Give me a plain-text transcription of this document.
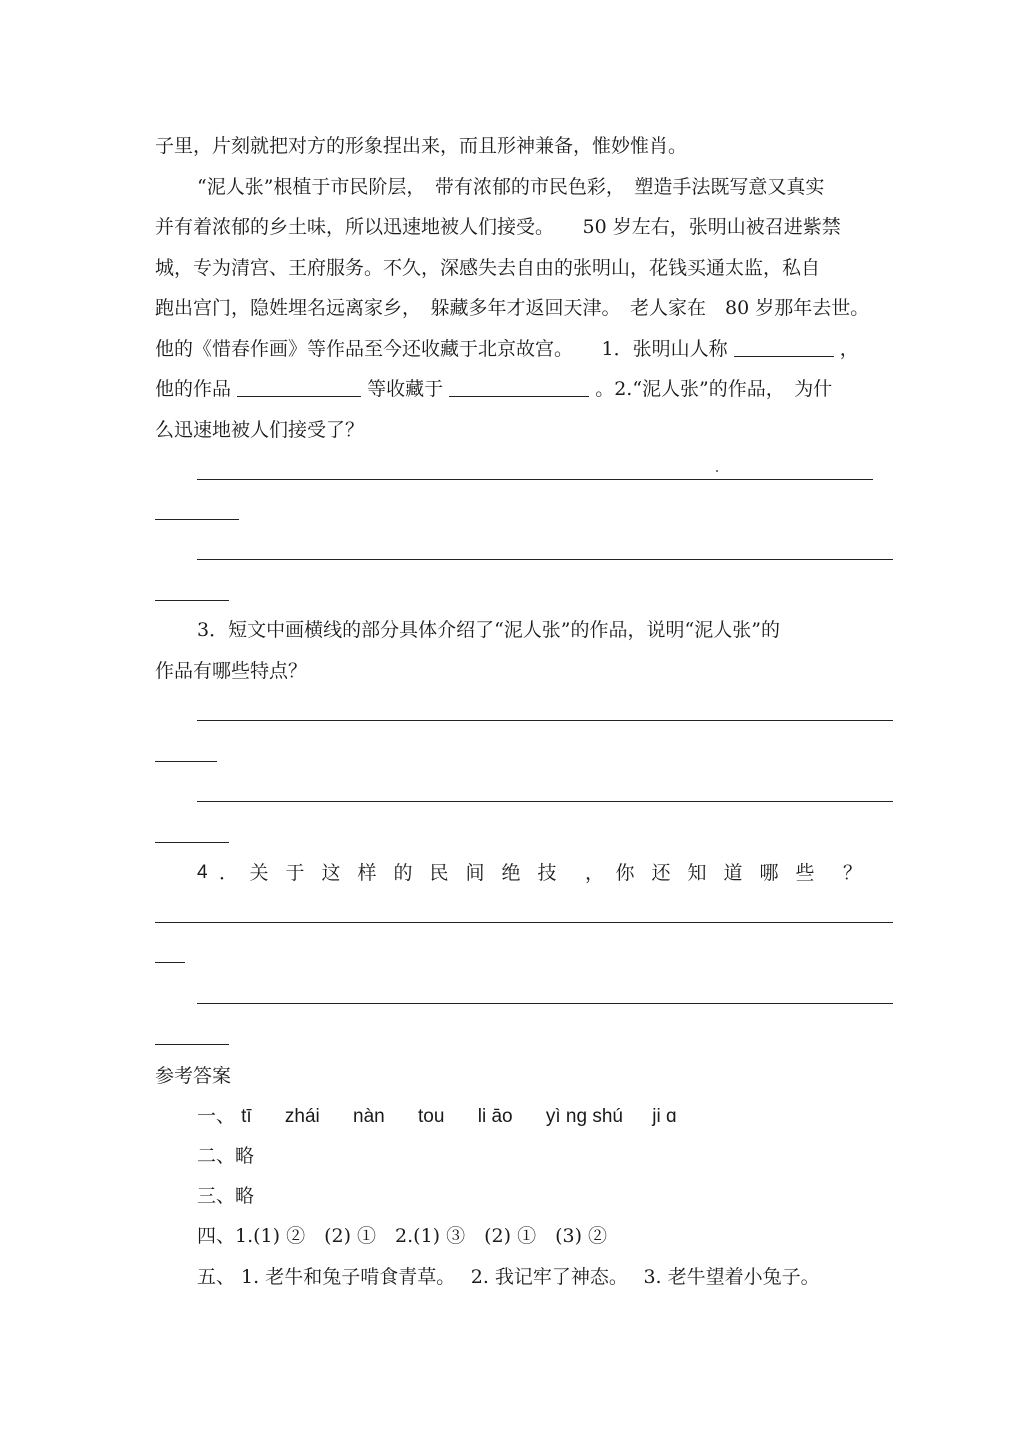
子里，片刻就把对方的形象捏出来，而且形神兼备，惟妙惟肖。
“泥人张”根植于市民阶层，　带有浓郁的市民色彩，　塑造手法既写意又真实
并有着浓郁的乡土味，所以迅速地被人们接受。　　50 岁左右，张明山被召进紫禁
城，专为清宫、王府服务。不久，深感失去自由的张明山，花钱买通太监，私自
跑出宫门，隐姓埋名远离家乡，　躲藏多年才返回天津。　老人家在　80 岁那年去世。
他的《惜春作画》等作品至今还收藏于北京故宫。　　1．张明山人称	，
他的作品	等收藏于	。2.“泥人张”的作品，　为什
么迅速地被人们接受了？
3．短文中画横线的部分具体介绍了“泥人张”的作品，说明“泥人张”的
作品有哪些特点？
4 ． 关于这样的民间绝技 ， 你还知道哪些 ？
参考答案
一、 tī zhái nàn tou li āo yì nɡ shú ji ɑ
二、略
三、略
四、1.(1) ②　(2) ①　2.(1) ③　(2) ①　(3) ②
五、 1. 老牛和兔子啃食青草。　 2. 我记牢了神态。　 3. 老牛望着小兔子。
